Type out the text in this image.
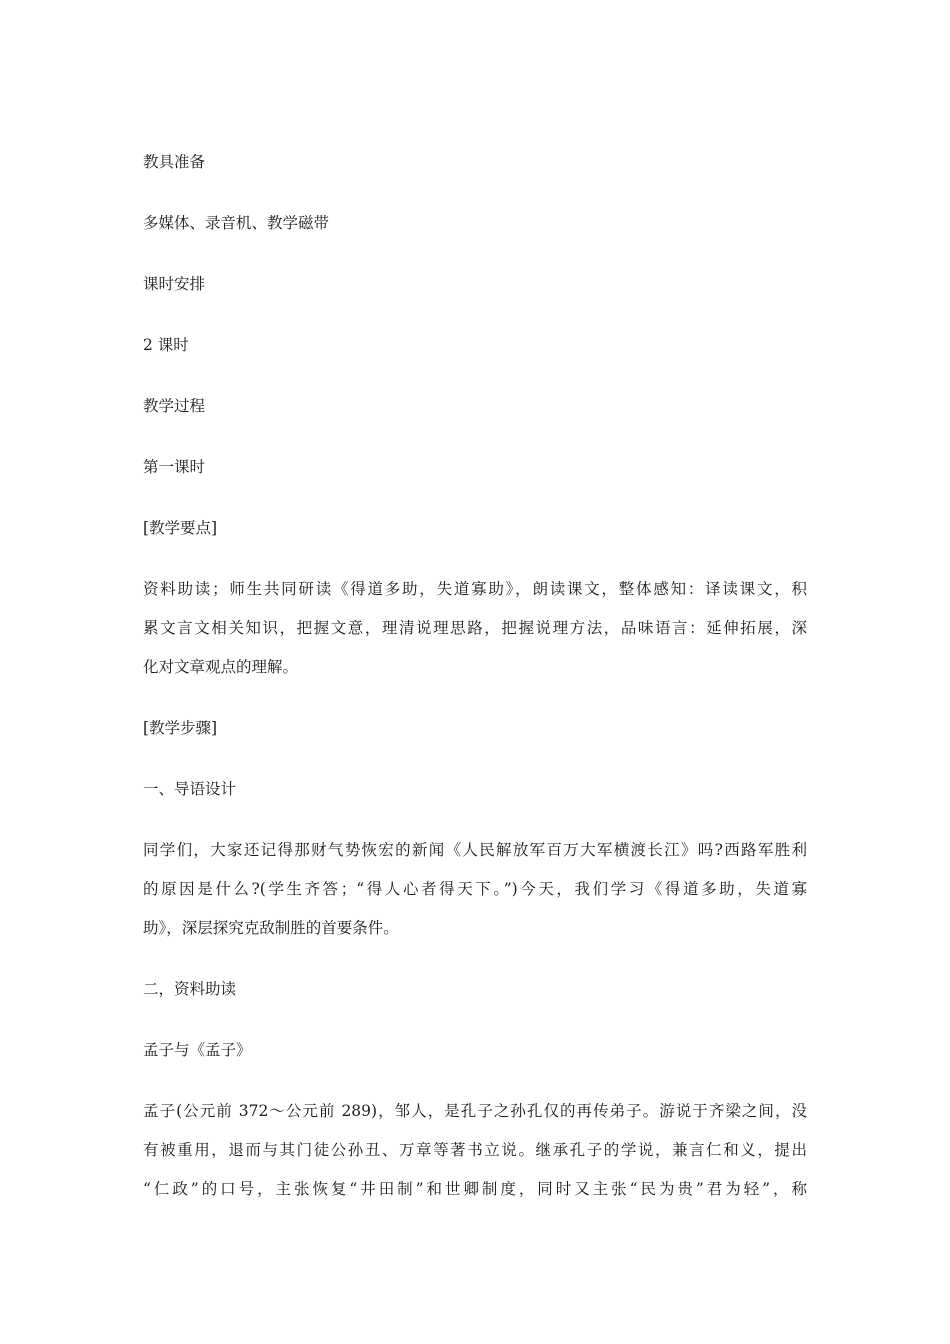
教具准备

多媒体、录音机、教学磁带

课时安排

2 课时

教学过程

第一课时

[教学要点]

资料助读；师生共同研读《得道多助，失道寡助》，朗读课文，整体感知：译读课文，积
累文言文相关知识，把握文意，理清说理思路，把握说理方法，品味语言：延伸拓展，深
化对文章观点的理解。

[教学步骤]

一、导语设计

同学们，大家还记得那财气势恢宏的新闻《人民解放军百万大军横渡长江》吗?西路军胜利
的原因是什么?(学生齐答；“得人心者得天下。”)今天，我们学习《得道多助，失道寡
助》，深层探究克敌制胜的首要条件。

二，资料助读

孟子与《孟子》

孟子(公元前 372～公元前 289)，邹人，是孔子之孙孔仅的再传弟子。游说于齐梁之间，没
有被重用，退而与其门徒公孙丑、万章等著书立说。继承孔子的学说，兼言仁和义，提出
“仁政”的口号，主张恢复“井田制”和世卿制度，同时又主张“民为贵”君为轻”，称
